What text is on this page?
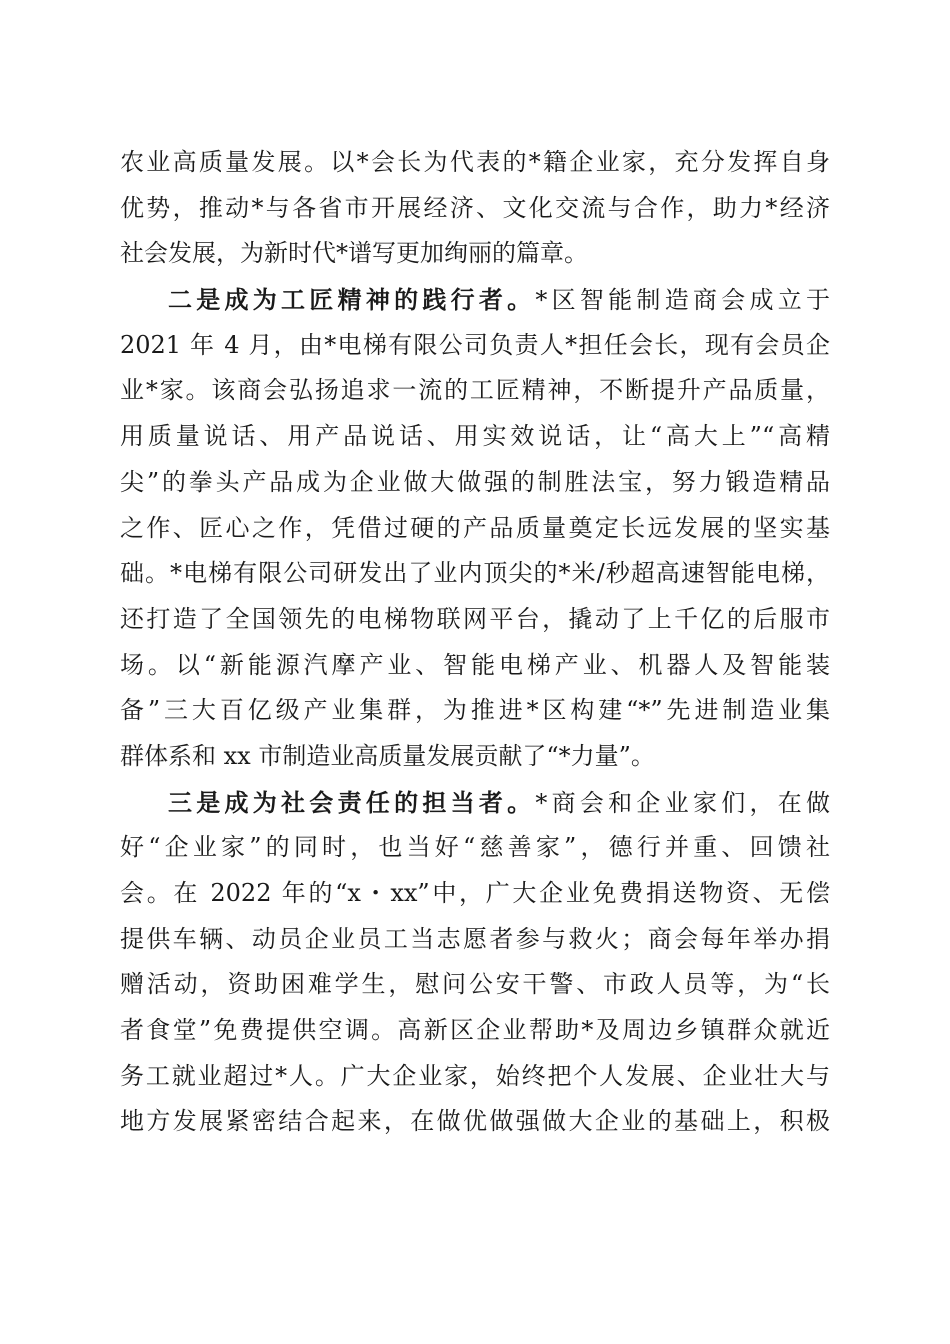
农业高质量发展。以*会长为代表的*籍企业家，充分发挥自身
优势，推动*与各省市开展经济、文化交流与合作，助力*经济
社会发展，为新时代*谱写更加绚丽的篇章。
二是成为工匠精神的践行者。*区智能制造商会成立于
2021 年 4 月，由*电梯有限公司负责人*担任会长，现有会员企
业*家。该商会弘扬追求一流的工匠精神，不断提升产品质量，
用质量说话、用产品说话、用实效说话，让“高大上”“高精
尖”的拳头产品成为企业做大做强的制胜法宝，努力锻造精品
之作、匠心之作，凭借过硬的产品质量奠定长远发展的坚实基
础。*电梯有限公司研发出了业内顶尖的*米/秒超高速智能电梯，
还打造了全国领先的电梯物联网平台，撬动了上千亿的后服市
场。以“新能源汽摩产业、智能电梯产业、机器人及智能装
备”三大百亿级产业集群，为推进*区构建“*”先进制造业集
群体系和 xx 市制造业高质量发展贡献了“*力量”。
三是成为社会责任的担当者。*商会和企业家们，在做
好“企业家”的同时，也当好“慈善家”，德行并重、回馈社
会。在 2022 年的“x・xx”中，广大企业免费捐送物资、无偿
提供车辆、动员企业员工当志愿者参与救火；商会每年举办捐
赠活动，资助困难学生，慰问公安干警、市政人员等，为“长
者食堂”免费提供空调。高新区企业帮助*及周边乡镇群众就近
务工就业超过*人。广大企业家，始终把个人发展、企业壮大与
地方发展紧密结合起来，在做优做强做大企业的基础上，积极
